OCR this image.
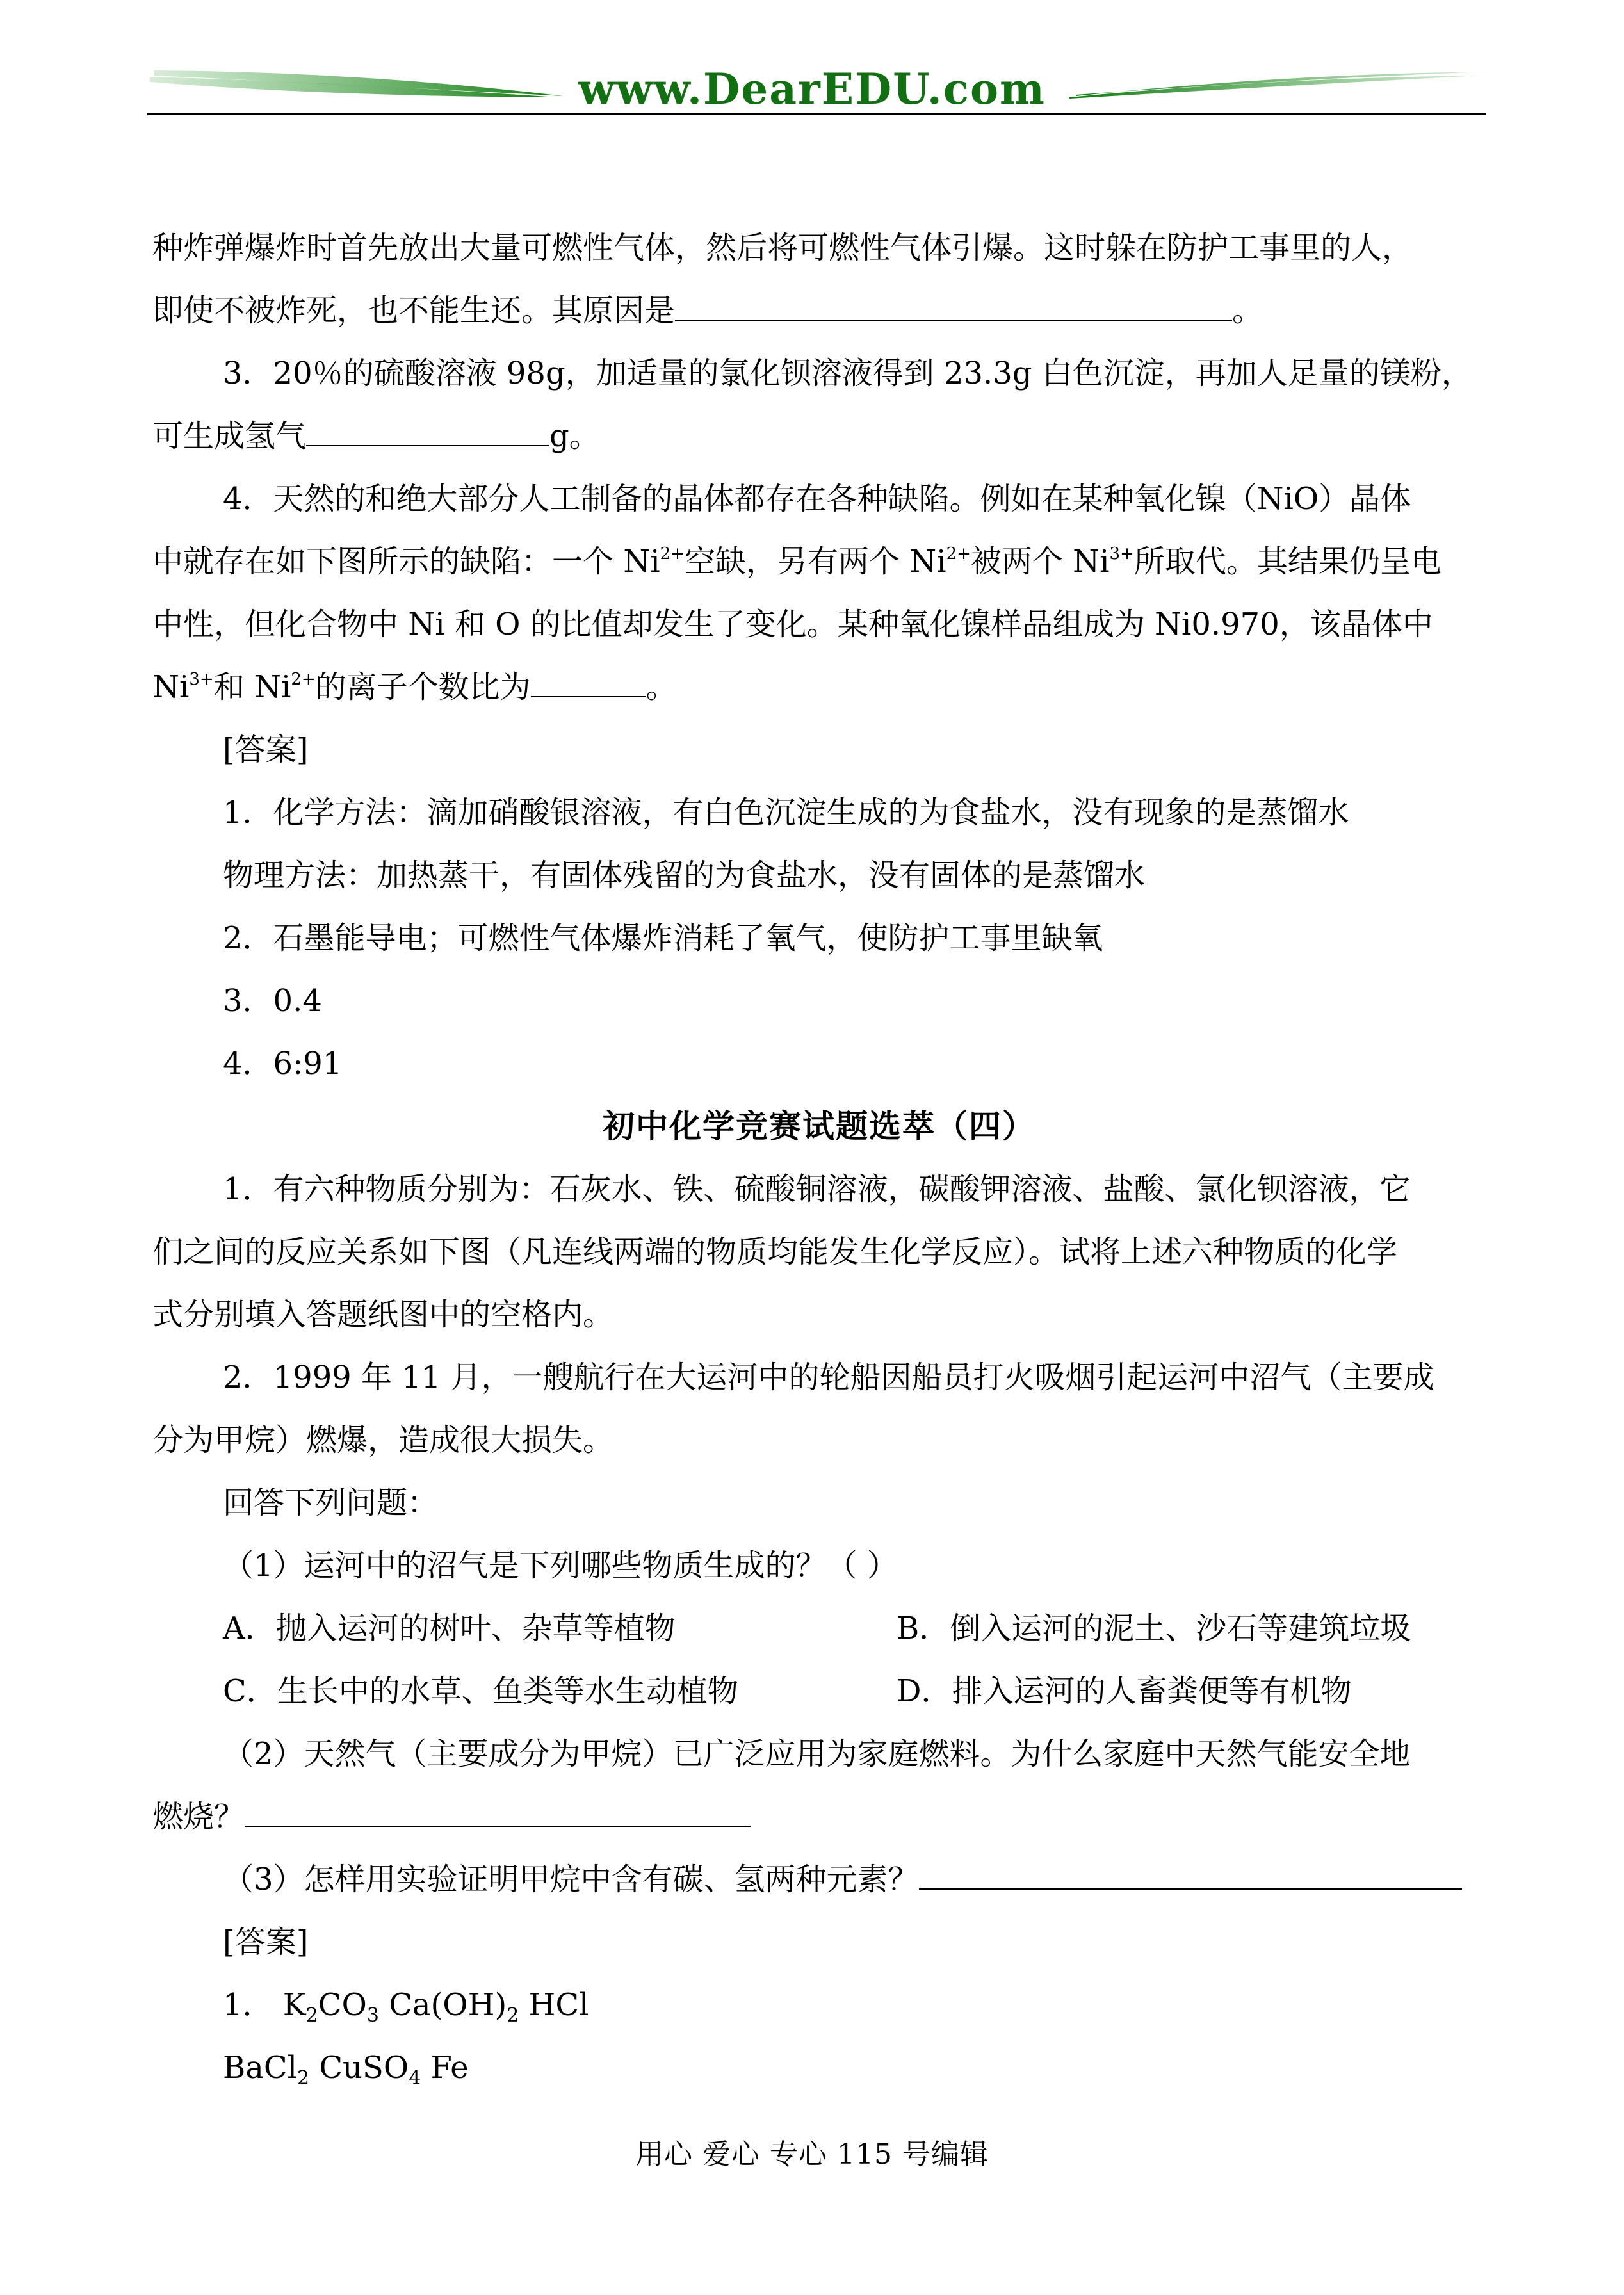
www.DearEDU.com
种炸弹爆炸时首先放出大量可燃性气体，然后将可燃性气体引爆。这时躲在防护工事里的人，
即使不被炸死，也不能生还。其原因是	。
3．20％的硫酸溶液 98g，加适量的氯化钡溶液得到 23.3g 白色沉淀，再加人足量的镁粉，
可生成氢气	g。
4．天然的和绝大部分人工制备的晶体都存在各种缺陷。例如在某种氧化镍（NiO）晶体
中就存在如下图所示的缺陷：一个 $Ni^{2+}$空缺，另有两个 $Ni^{2+}$被两个 $Ni^{3+}$所取代。其结果仍呈电
中性，但化合物中 Ni 和 O 的比值却发生了变化。某种氧化镍样品组成为 Ni0.970，该晶体中
$Ni^{3+}$和 $Ni^{2+}$的离子个数比为	。
[答案]
1．化学方法：滴加硝酸银溶液，有白色沉淀生成的为食盐水，没有现象的是蒸馏水
物理方法：加热蒸干，有固体残留的为食盐水，没有固体的是蒸馏水
2．石墨能导电；可燃性气体爆炸消耗了氧气，使防护工事里缺氧
3．0.4
4．6:91
初中化学竞赛试题选萃（四）
1．有六种物质分别为：石灰水、铁、硫酸铜溶液，碳酸钾溶液、盐酸、氯化钡溶液，它
们之间的反应关系如下图（凡连线两端的物质均能发生化学反应）。试将上述六种物质的化学
式分别填入答题纸图中的空格内。
2．1999 年 11 月，一艘航行在大运河中的轮船因船员打火吸烟引起运河中沼气（主要成
分为甲烷）燃爆，造成很大损失。
回答下列问题：
（1）运河中的沼气是下列哪些物质生成的？（ ）
A．抛入运河的树叶、杂草等植物	B．倒入运河的泥土、沙石等建筑垃圾
C．生长中的水草、鱼类等水生动植物	D．排入运河的人畜粪便等有机物
（2）天然气（主要成分为甲烷）已广泛应用为家庭燃料。为什么家庭中天然气能安全地
燃烧？
（3）怎样用实验证明甲烷中含有碳、氢两种元素？
[答案]
1． $K_2CO_3$ $Ca(OH)_2$ HCl
BaCl$_2$ CuSO$_4$ Fe
用心 爱心 专心 115 号编辑
